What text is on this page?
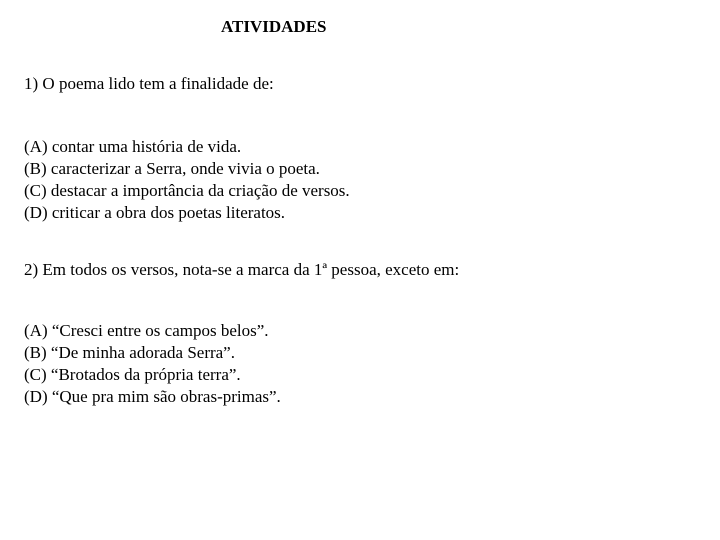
ATIVIDADES
1) O poema lido tem a finalidade de:
(A) contar uma história de vida.
(B) caracterizar a Serra, onde vivia o poeta.
(C) destacar a importância da criação de versos.
(D) criticar a obra dos poetas literatos.
2) Em todos os versos, nota-se a marca da 1ª pessoa, exceto em:
(A) “Cresci entre os campos belos”.
(B) “De minha adorada Serra”.
(C) “Brotados da própria terra”.
(D) “Que pra mim são obras-primas”.
